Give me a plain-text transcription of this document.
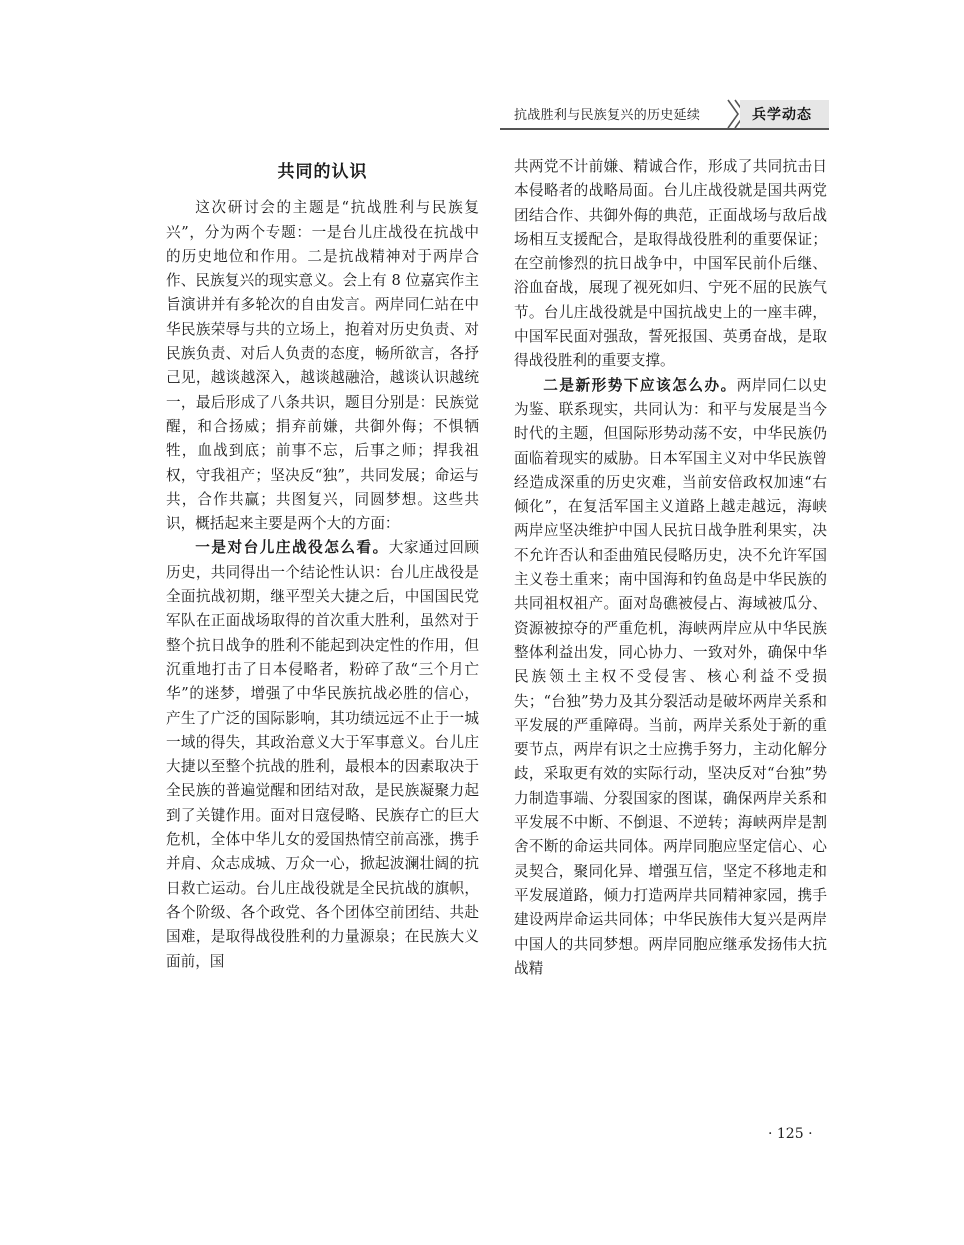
抗战胜利与民族复兴的历史延续	兵学动态

共同的认识

这次研讨会的主题是“抗战胜利与民族复兴”，分为两个专题：一是台儿庄战役在抗战中的历史地位和作用。二是抗战精神对于两岸合作、民族复兴的现实意义。会上有 8 位嘉宾作主旨演讲并有多轮次的自由发言。两岸同仁站在中华民族荣辱与共的立场上，抱着对历史负责、对民族负责、对后人负责的态度，畅所欲言，各抒己见，越谈越深入，越谈越融洽，越谈认识越统一，最后形成了八条共识，题目分别是：民族觉醒，和合扬威；捐弃前嫌，共御外侮；不惧牺牲，血战到底；前事不忘，后事之师；捍我祖权，守我祖产；坚决反“独”，共同发展；命运与共，合作共赢；共图复兴，同圆梦想。这些共识，概括起来主要是两个大的方面：

一是对台儿庄战役怎么看。大家通过回顾历史，共同得出一个结论性认识：台儿庄战役是全面抗战初期，继平型关大捷之后，中国国民党军队在正面战场取得的首次重大胜利，虽然对于整个抗日战争的胜利不能起到决定性的作用，但沉重地打击了日本侵略者，粉碎了敌“三个月亡华”的迷梦，增强了中华民族抗战必胜的信心，产生了广泛的国际影响，其功绩远远不止于一城一域的得失，其政治意义大于军事意义。台儿庄大捷以至整个抗战的胜利，最根本的因素取决于全民族的普遍觉醒和团结对敌，是民族凝聚力起到了关键作用。面对日寇侵略、民族存亡的巨大危机，全体中华儿女的爱国热情空前高涨，携手并肩、众志成城、万众一心，掀起波澜壮阔的抗日救亡运动。台儿庄战役就是全民抗战的旗帜，各个阶级、各个政党、各个团体空前团结、共赴国难，是取得战役胜利的力量源泉；在民族大义面前，国

共两党不计前嫌、精诚合作，形成了共同抗击日本侵略者的战略局面。台儿庄战役就是国共两党团结合作、共御外侮的典范，正面战场与敌后战场相互支援配合，是取得战役胜利的重要保证；在空前惨烈的抗日战争中，中国军民前仆后继、浴血奋战，展现了视死如归、宁死不屈的民族气节。台儿庄战役就是中国抗战史上的一座丰碑，中国军民面对强敌，誓死报国、英勇奋战，是取得战役胜利的重要支撑。

二是新形势下应该怎么办。两岸同仁以史为鉴、联系现实，共同认为：和平与发展是当今时代的主题，但国际形势动荡不安，中华民族仍面临着现实的威胁。日本军国主义对中华民族曾经造成深重的历史灾难，当前安倍政权加速“右倾化”，在复活军国主义道路上越走越远，海峡两岸应坚决维护中国人民抗日战争胜利果实，决不允许否认和歪曲殖民侵略历史，决不允许军国主义卷土重来；南中国海和钓鱼岛是中华民族的共同祖权祖产。面对岛礁被侵占、海域被瓜分、资源被掠夺的严重危机，海峡两岸应从中华民族整体利益出发，同心协力、一致对外，确保中华民族领土主权不受侵害、核心利益不受损失；“台独”势力及其分裂活动是破坏两岸关系和平发展的严重障碍。当前，两岸关系处于新的重要节点，两岸有识之士应携手努力，主动化解分歧，采取更有效的实际行动，坚决反对“台独”势力制造事端、分裂国家的图谋，确保两岸关系和平发展不中断、不倒退、不逆转；海峡两岸是割舍不断的命运共同体。两岸同胞应坚定信心、心灵契合，聚同化异、增强互信，坚定不移地走和平发展道路，倾力打造两岸共同精神家园，携手建设两岸命运共同体；中华民族伟大复兴是两岸中国人的共同梦想。两岸同胞应继承发扬伟大抗战精

· 125 ·
